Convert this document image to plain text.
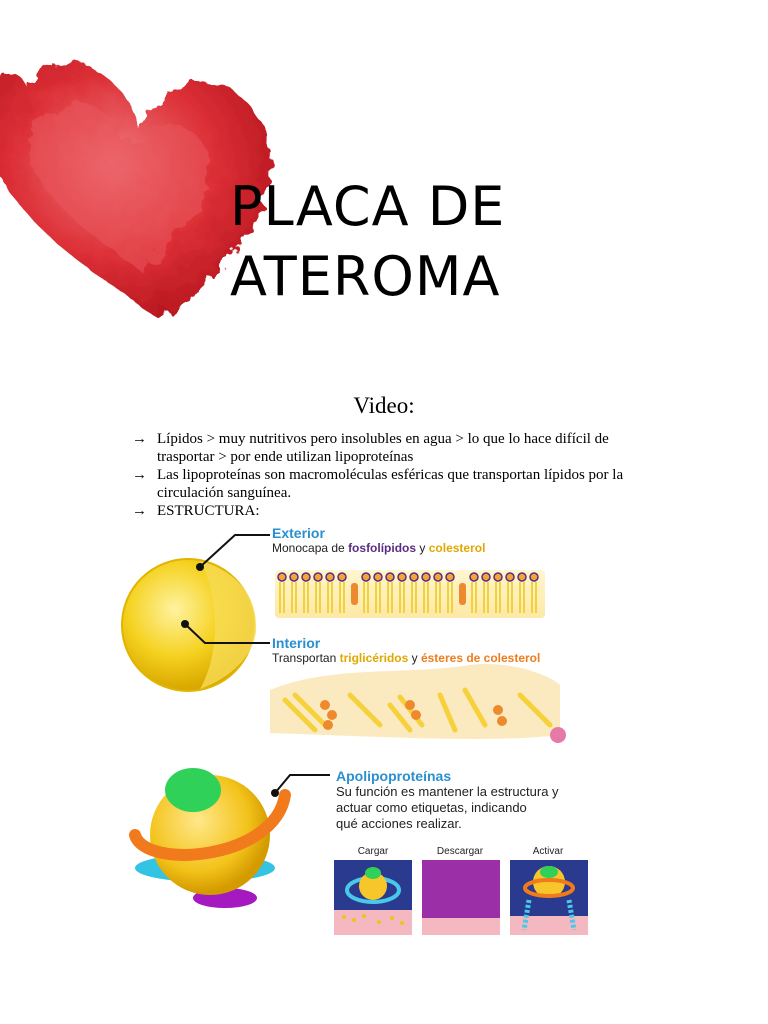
PLACA DE
ATEROMA
Video:
→ Lípidos > muy nutritivos pero insolubles en agua > lo que lo hace difícil de trasportar > por ende utilizan lipoproteínas
→ Las lipoproteínas son macromoléculas esféricas que transportan lípidos por la circulación sanguínea.
→ ESTRUCTURA:
Exterior
Monocapa de fosfolípidos y colesterol
Interior
Transportan triglicéridos y ésteres de colesterol
Apolipoproteínas
Su función es mantener la estructura y
actuar como etiquetas, indicando
qué acciones realizar.
Cargar	Descargar	Activar
